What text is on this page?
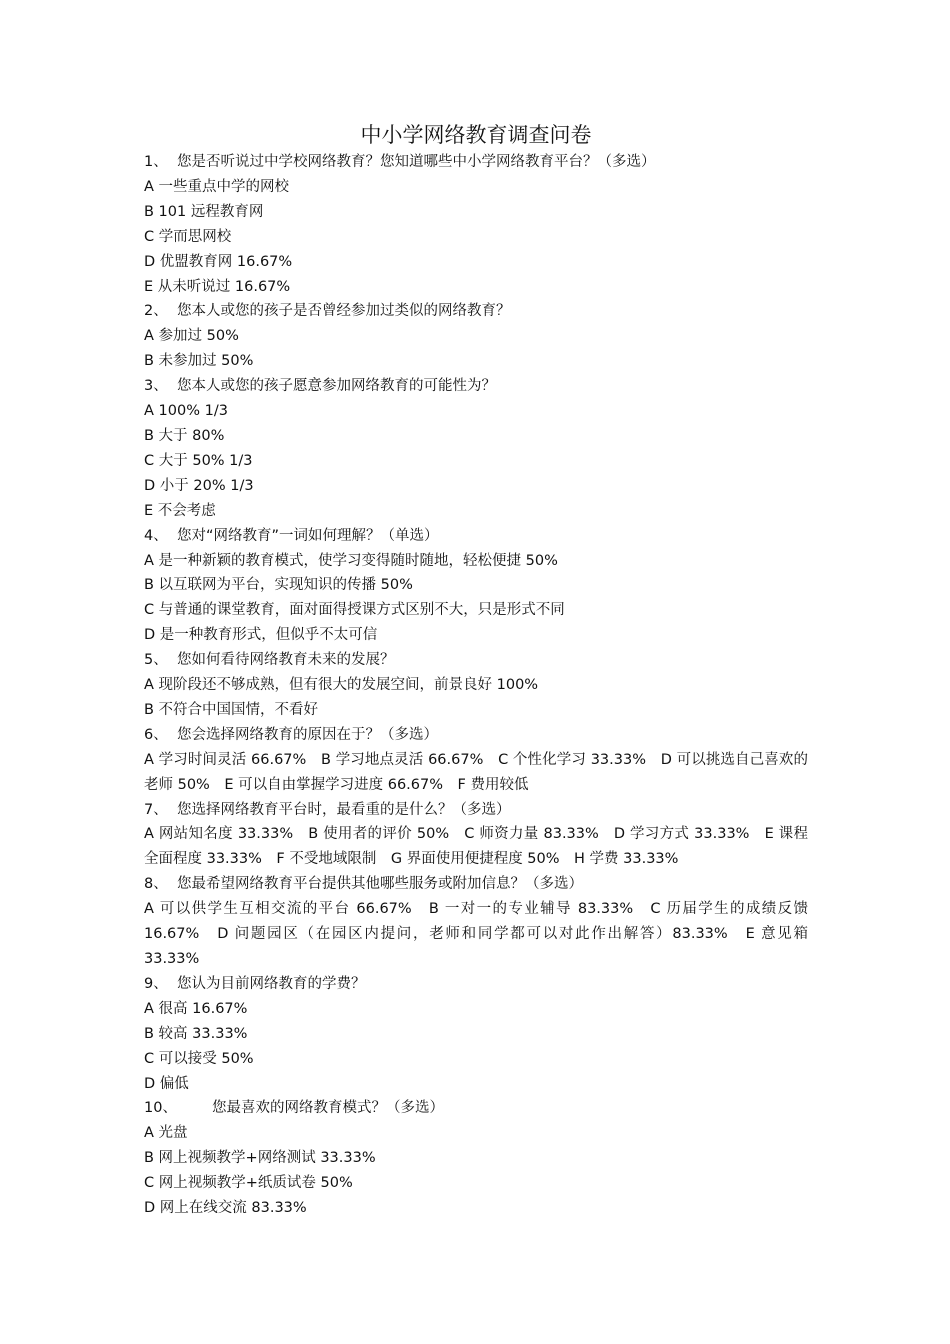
中小学网络教育调查问卷

1、 您是否听说过中学校网络教育？您知道哪些中小学网络教育平台？（多选）

A 一些重点中学的网校

B 101 远程教育网

C 学而思网校

D 优盟教育网 16.67%

E 从未听说过 16.67%

2、 您本人或您的孩子是否曾经参加过类似的网络教育？

A 参加过 50%

B 未参加过 50%

3、 您本人或您的孩子愿意参加网络教育的可能性为？

A 100% 1/3

B 大于 80%

C 大于 50% 1/3

D 小于 20% 1/3

E 不会考虑

4、 您对“网络教育”一词如何理解？（单选）

A 是一种新颖的教育模式，使学习变得随时随地，轻松便捷 50%

B 以互联网为平台，实现知识的传播 50%

C 与普通的课堂教育，面对面得授课方式区别不大，只是形式不同

D 是一种教育形式，但似乎不太可信

5、 您如何看待网络教育未来的发展？

A 现阶段还不够成熟，但有很大的发展空间，前景良好 100%

B 不符合中国国情，不看好

6、 您会选择网络教育的原因在于？（多选）

A 学习时间灵活 66.67%　B 学习地点灵活 66.67%　C 个性化学习 33.33%　D 可以挑选自己喜欢的老师 50%　E 可以自由掌握学习进度 66.67%　F 费用较低

7、 您选择网络教育平台时，最看重的是什么？（多选）

A 网站知名度 33.33%　B 使用者的评价 50%　C 师资力量 83.33%　D 学习方式 33.33%　E 课程全面程度 33.33%　F 不受地域限制　G 界面使用便捷程度 50%　H 学费 33.33%

8、 您最希望网络教育平台提供其他哪些服务或附加信息？（多选）

A 可以供学生互相交流的平台 66.67%　B 一对一的专业辅导 83.33%　C 历届学生的成绩反馈 16.67%　D 问题园区（在园区内提问，老师和同学都可以对此作出解答）83.33%　E 意见箱 33.33%

9、 您认为目前网络教育的学费？

A 很高 16.67%

B 较高 33.33%

C 可以接受 50%

D 偏低

10、 您最喜欢的网络教育模式？（多选）

A 光盘

B 网上视频教学+网络测试 33.33%

C 网上视频教学+纸质试卷 50%

D 网上在线交流 83.33%
